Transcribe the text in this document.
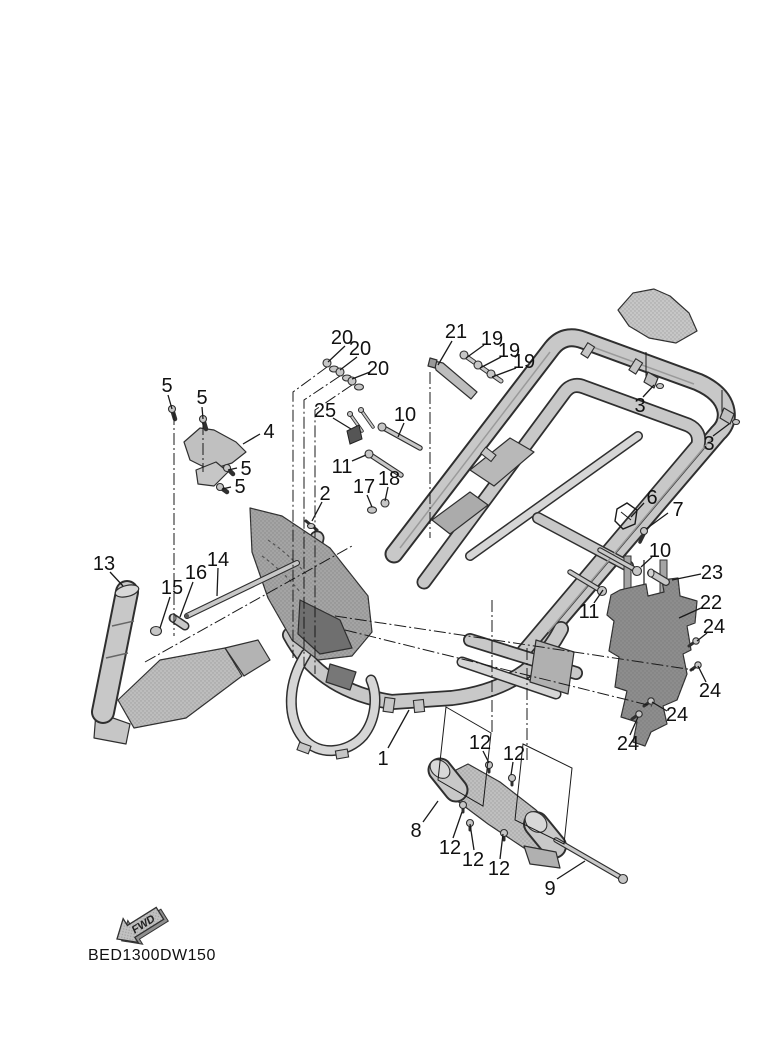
20
20
20
21 19
19
19
3
3
5
5
4
25	10
11
5
5	2 17 18
6
7
13	14
16
15
10
23
22
11
24
24
24
24
1
12 12
8
12
12 12
9
FWD
BED1300DW150
